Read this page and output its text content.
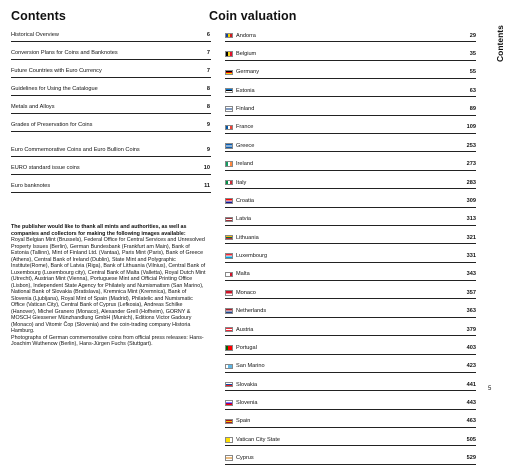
Contents	Coin valuation
Contents
Historical Overview	6
Conversion Plans for Coins and Banknotes	7
Future Countries with Euro Currency	7
Guidelines for Using the Catalogue	8
Metals and Alloys	8
Grades of Preservation for Coins	9
Euro Commemorative Coins and Euro Bullion Coins	9
EURO standard issue coins	10
Euro banknotes	11
The publisher would like to thank all mints and authorities, as well as companies and collectors for making the following images available:
Royal Belgian Mint (Brussels), Federal Office for Central Services and Unresolved Property Issues (Berlin), German Bundesbank (Frankfurt am Main), Bank of Estonia (Tallinn), Mint of Finland Ltd. (Vantaa), Paris Mint (Paris), Bank of Greece (Athens), Central Bank of Ireland (Dublin), State Mint and Polygraphic Institute(Rome), Bank of Latvia (Riga), Bank of Lithuania (Vilnius), Central Bank of Luxembourg (Luxembourg city), Central Bank of Malta (Valletta), Royal Dutch Mint (Utrecht), Austrian Mint (Vienna), Portuguese Mint and Official Printing Office (Lisbon), Independent State Agency for Philately and Numismatism (San Marino), National Bank of Slovakia (Bratislava), Kremnica Mint (Kremnica), Bank of Slovenia (Ljubljana), Royal Mint of Spain (Madrid), Philatelic and Numismatic Office (Vatican City), Central Bank of Cyprus (Lefkosia), Andreas Schilke (Hanover), Michel Granero (Monaco), Alexander Grell (Hofheim), GORNY & MOSCH Giessener Münzhandlung GmbH (Munich), Editions Victor Gadoury (Monaco) and Vitomir Čop (Slovenia) and the coin-trading company Historia Hamburg.
Photographs of German commemorative coins from official press releases: Hans-Joachim Wuthenow (Berlin), Hans-Jürgen Fuchs (Stuttgart).
Andorra	29
Belgium	35
Germany	55
Estonia	63
Finland	89
France	109
Greece	253
Ireland	273
Italy	283
Croatia	309
Latvia	313
Lithuania	321
Luxembourg	331
Malta	343
Monaco	357
Netherlands	363
Austria	379
Portugal	403
San Marino	423
Slovakia	441
Slovenia	443
Spain	463
Vatican City State	505
Cyprus	529
5
